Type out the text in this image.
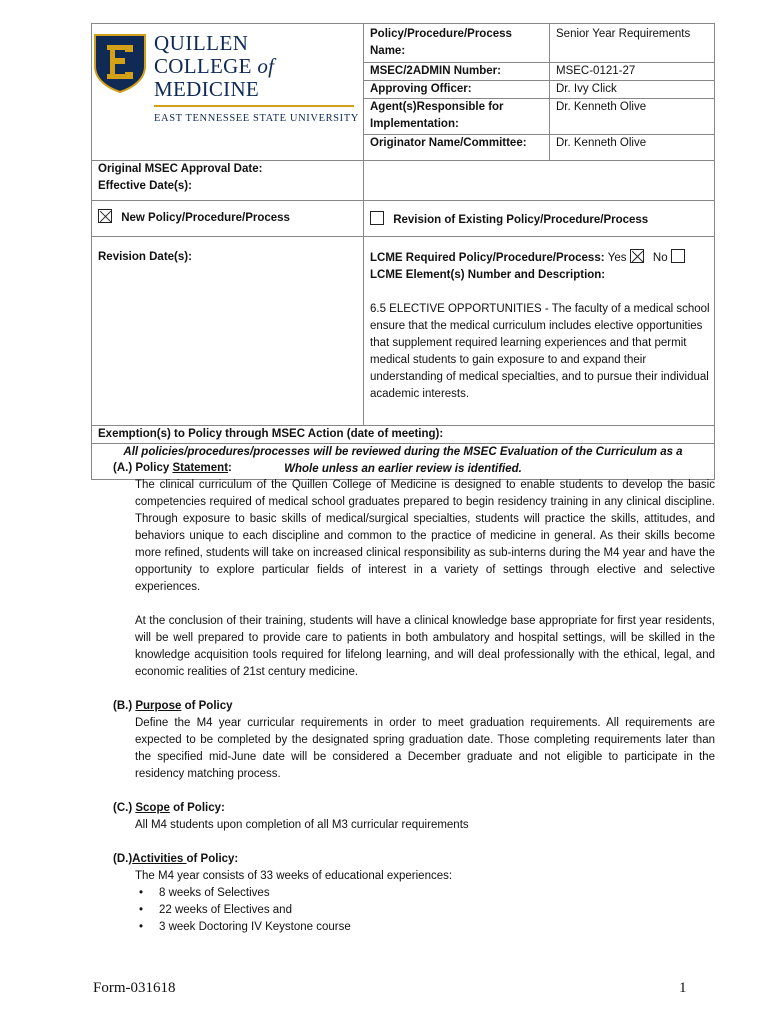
QUILLEN
COLLEGE of MEDICINE
EAST TENNESSEE STATE UNIVERSITY	Policy/Procedure/Process Name:	Senior Year Requirements
	MSEC/2ADMIN Number:	MSEC-0121-27
	Approving Officer:	Dr. Ivy Click
	Agent(s)Responsible for Implementation:	Dr. Kenneth Olive
	Originator Name/Committee:	Dr. Kenneth Olive

Original MSEC Approval Date:
Effective Date(s):		

New Policy/Procedure/Process	Revision of Existing Policy/Procedure/Process	
Revision Date(s):	LCME Required Policy/Procedure/Process: Yes No
LCME Element(s) Number and Description:
6.5 ELECTIVE OPPORTUNITIES - The faculty of a medical school ensure that the medical curriculum includes elective opportunities that supplement required learning experiences and that permit medical students to gain exposure to and expand their understanding of medical specialties, and to pursue their individual academic interests.	

Exemption(s) to Policy through MSEC Action (date of meeting):		

All policies/procedures/processes will be reviewed during the MSEC Evaluation of the Curriculum as a
Whole unless an earlier review is identified.		
(A.) Policy Statement:
The clinical curriculum of the Quillen College of Medicine is designed to enable students to develop the basic competencies required of medical school graduates prepared to begin residency training in any clinical discipline. Through exposure to basic skills of medical/surgical specialties, students will practice the skills, attitudes, and behaviors unique to each discipline and common to the practice of medicine in general. As their skills become more refined, students will take on increased clinical responsibility as sub-interns during the M4 year and have the opportunity to explore particular fields of interest in a variety of settings through elective and selective experiences.
At the conclusion of their training, students will have a clinical knowledge base appropriate for first year residents, will be well prepared to provide care to patients in both ambulatory and hospital settings, will be skilled in the knowledge acquisition tools required for lifelong learning, and will deal professionally with the ethical, legal, and economic realities of 21st century medicine.
(B.) Purpose of Policy
Define the M4 year curricular requirements in order to meet graduation requirements. All requirements are expected to be completed by the designated spring graduation date. Those completing requirements later than the specified mid-June date will be considered a December graduate and not eligible to participate in the residency matching process.
(C.) Scope of Policy:
All M4 students upon completion of all M3 curricular requirements
(D.)Activities of Policy:
The M4 year consists of 33 weeks of educational experiences:
• 8 weeks of Selectives
• 22 weeks of Electives and
• 3 week Doctoring IV Keystone course
Form-031618	1
